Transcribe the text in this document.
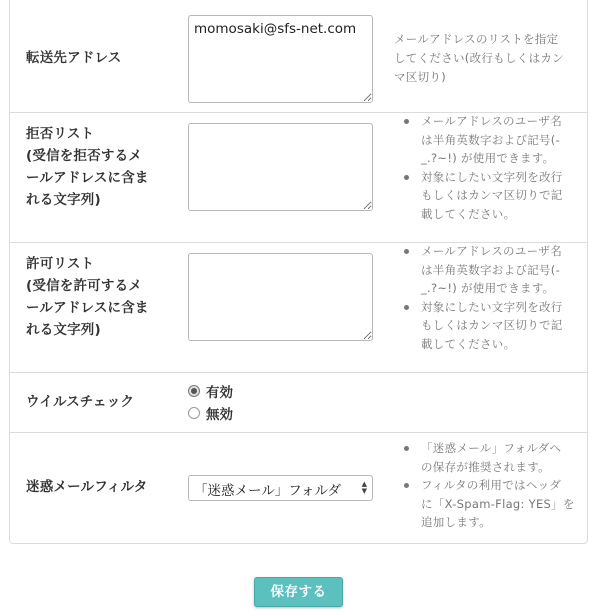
転送先アドレス
momosaki@sfs-net.com
メールアドレスのリストを指定
してください(改行もしくはカン
マ区切り)
拒否リスト
(受信を拒否するメ
ールアドレスに含ま
れる文字列)
メールアドレスのユーザ名
は半角英数字および記号(-
_.?~!) が使用できます。
対象にしたい文字列を改行
もしくはカンマ区切りで記
載してください。
許可リスト
(受信を許可するメ
ールアドレスに含ま
れる文字列)
メールアドレスのユーザ名
は半角英数字および記号(-
_.?~!) が使用できます。
対象にしたい文字列を改行
もしくはカンマ区切りで記
載してください。
ウイルスチェック
有効
無効
迷惑メールフィルタ	「迷惑メール」フォルダ	▲
▼
「迷惑メール」フォルダへ
の保存が推奨されます。
フィルタの利用ではヘッダ
に「X-Spam-Flag: YES」を
追加します。
保存する
